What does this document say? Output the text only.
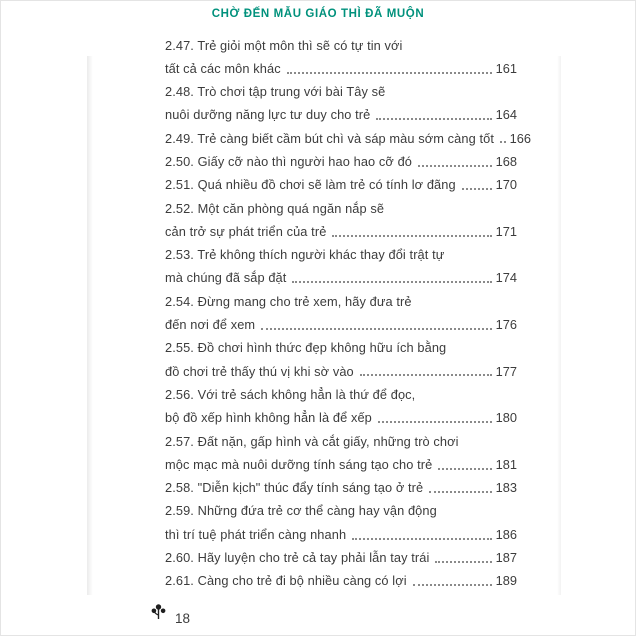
CHỜ ĐẾN MẪU GIÁO THÌ ĐÃ MUỘN
2.47. Trẻ giỏi một môn thì sẽ có tự tin với
tất cả các môn khác	161
2.48. Trò chơi tập trung với bài Tây sẽ
nuôi dưỡng năng lực tư duy cho trẻ	164
2.49. Trẻ càng biết cầm bút chì và sáp màu sớm càng tốt 166
2.50. Giấy cỡ nào thì người hao hao cỡ đó	168
2.51. Quá nhiều đồ chơi sẽ làm trẻ có tính lơ đãng	170
2.52. Một căn phòng quá ngăn nắp sẽ
cản trở sự phát triển của trẻ	171
2.53. Trẻ không thích người khác thay đổi trật tự
mà chúng đã sắp đặt	174
2.54. Đừng mang cho trẻ xem, hãy đưa trẻ
đến nơi để xem	176
2.55. Đồ chơi hình thức đẹp không hữu ích bằng
đồ chơi trẻ thấy thú vị khi sờ vào	177
2.56. Với trẻ sách không hẳn là thứ để đọc,
bộ đồ xếp hình không hẳn là để xếp	180
2.57. Đất nặn, gấp hình và cắt giấy, những trò chơi
mộc mạc mà nuôi dưỡng tính sáng tạo cho trẻ	181
2.58. "Diễn kịch" thúc đẩy tính sáng tạo ở trẻ	183
2.59. Những đứa trẻ cơ thể càng hay vận động
thì trí tuệ phát triển càng nhanh	186
2.60. Hãy luyện cho trẻ cả tay phải lẫn tay trái	187
2.61. Càng cho trẻ đi bộ nhiều càng có lợi	189
18
